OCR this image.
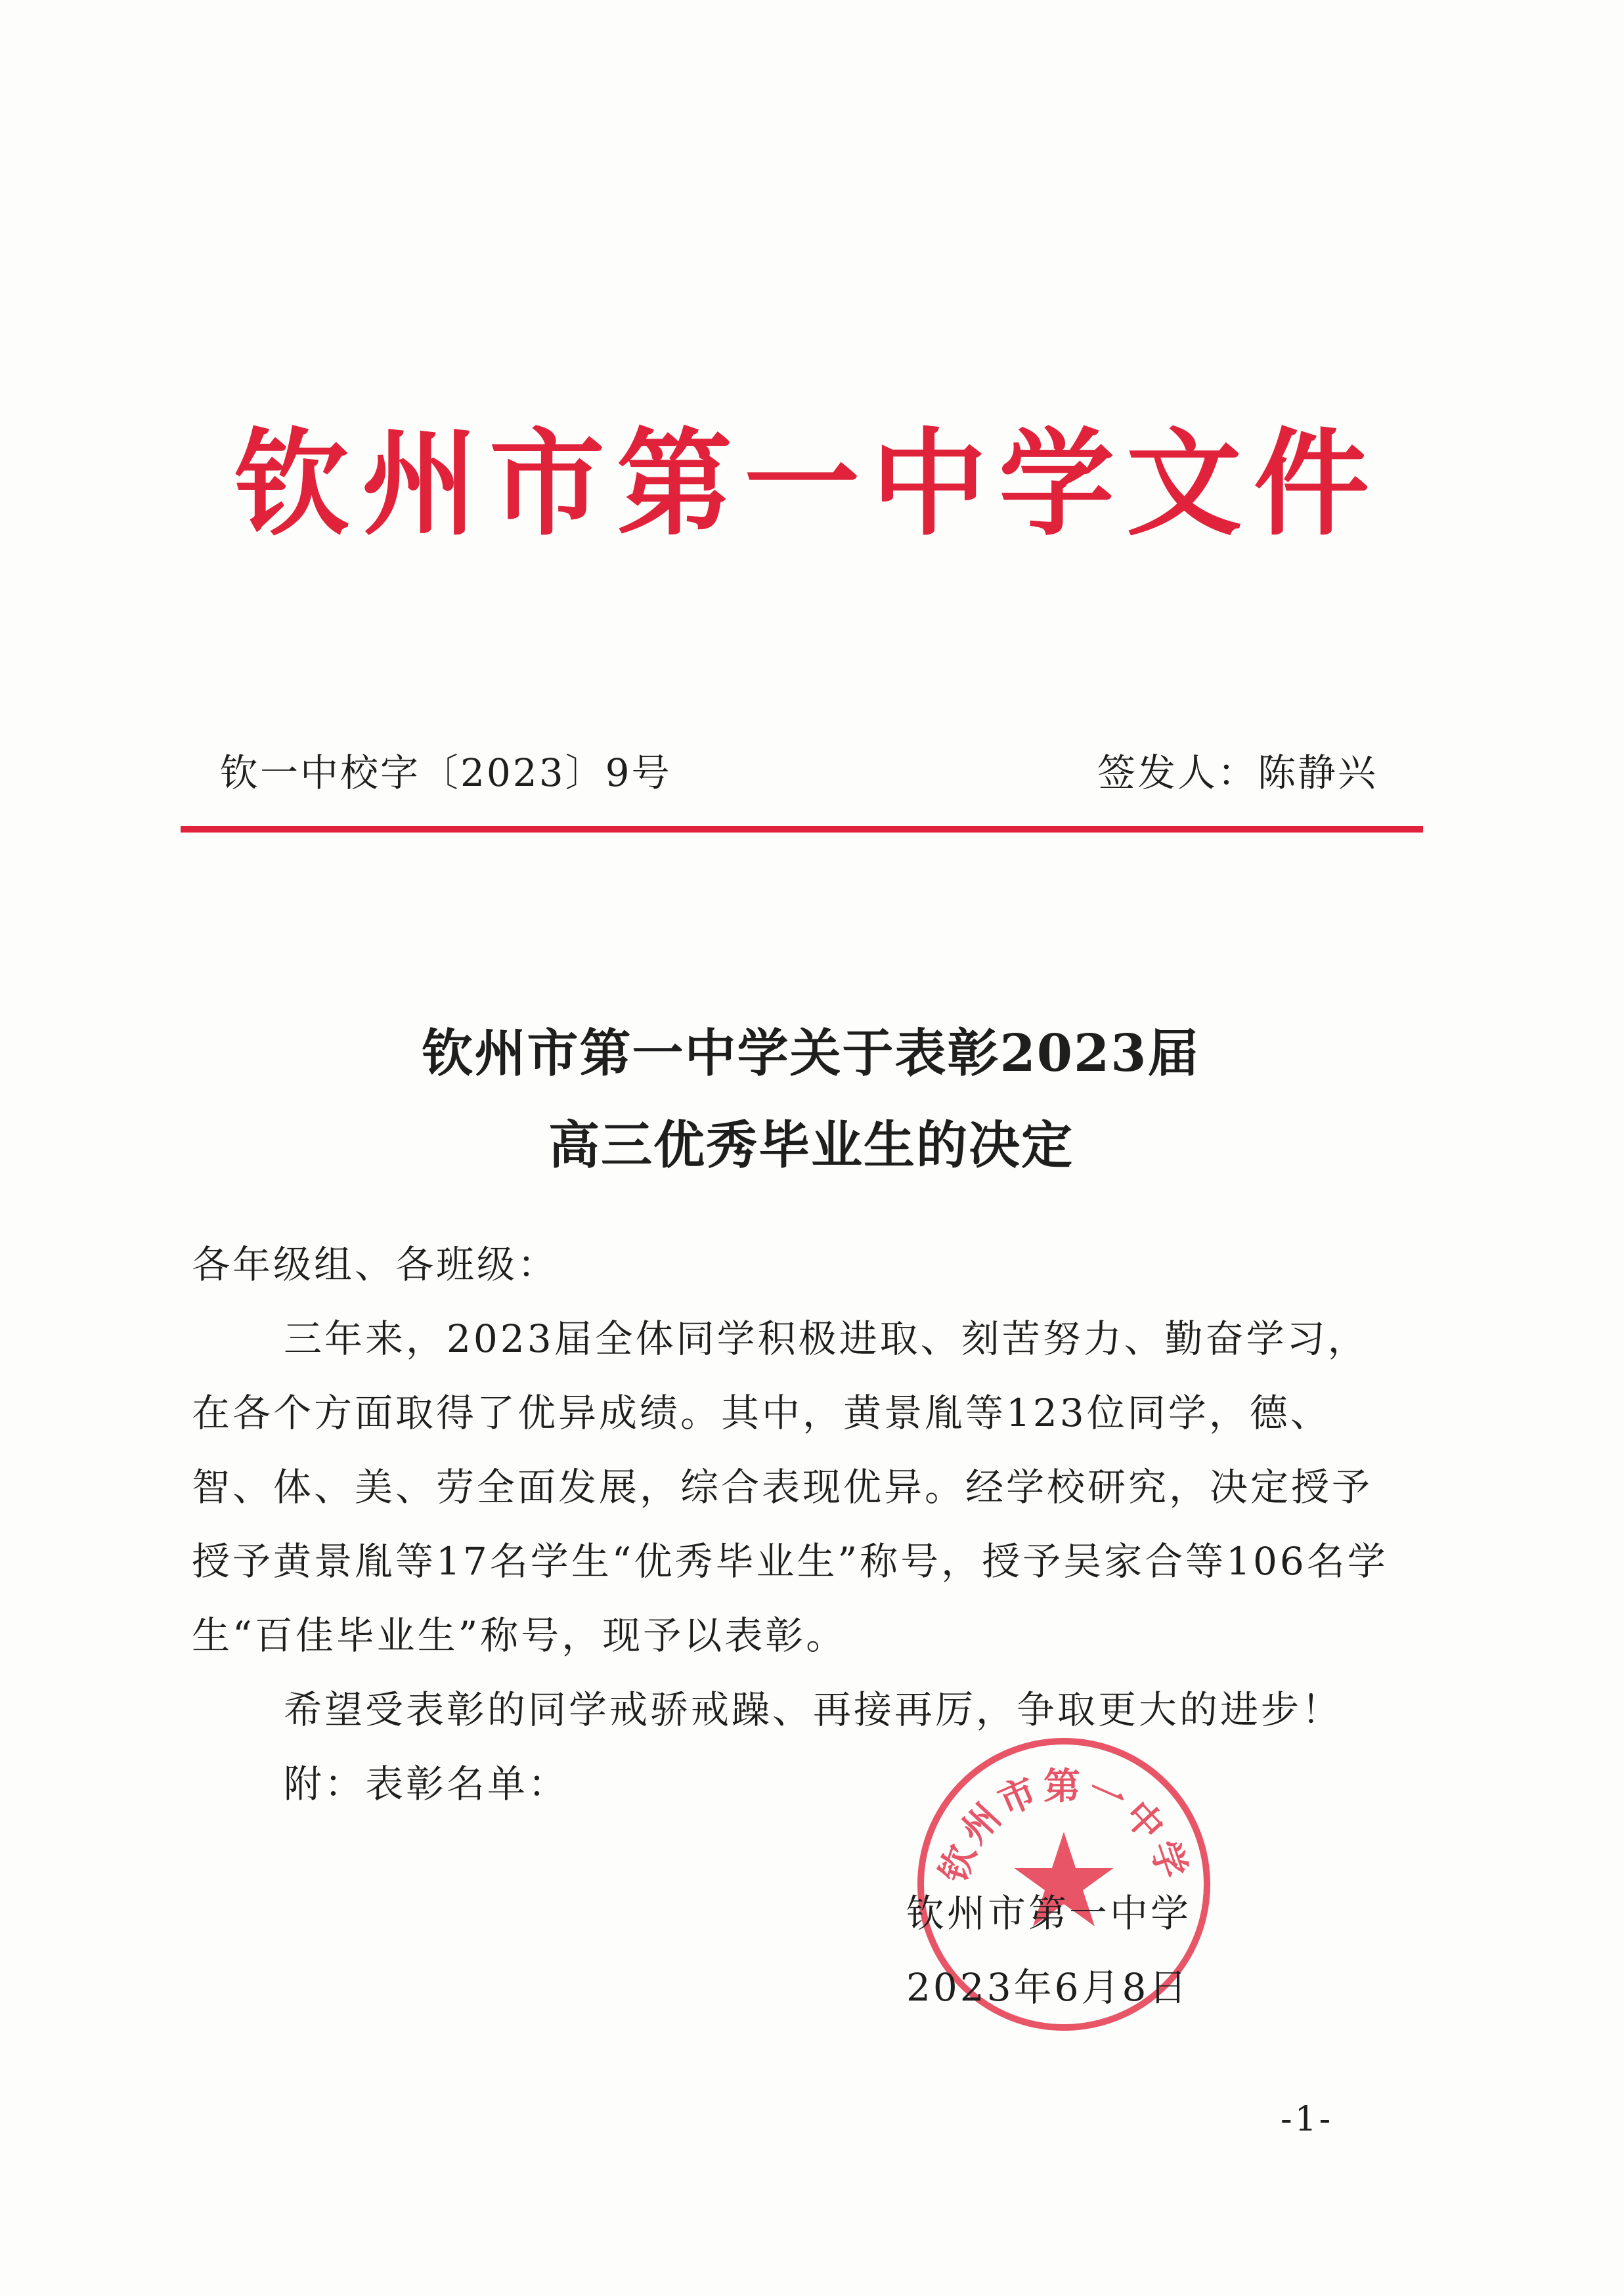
钦州市第一中学文件
钦一中校字〔2023〕9号	签发人：陈静兴
钦州市第一中学关于表彰2023届
高三优秀毕业生的决定

各年级组、各班级：

三年来，2023届全体同学积极进取、刻苦努力、勤奋学习，在各个方面取得了优异成绩。其中，黄景胤等123位同学，德、智、体、美、劳全面发展，综合表现优异。经学校研究，决定授予授予黄景胤等17名学生“优秀毕业生”称号，授予吴家合等106名学生“百佳毕业生”称号，现予以表彰。

希望受表彰的同学戒骄戒躁、再接再厉，争取更大的进步！

附：表彰名单：

钦州市第一中学
钦州市第一中学
2023年6月8日
-1-
